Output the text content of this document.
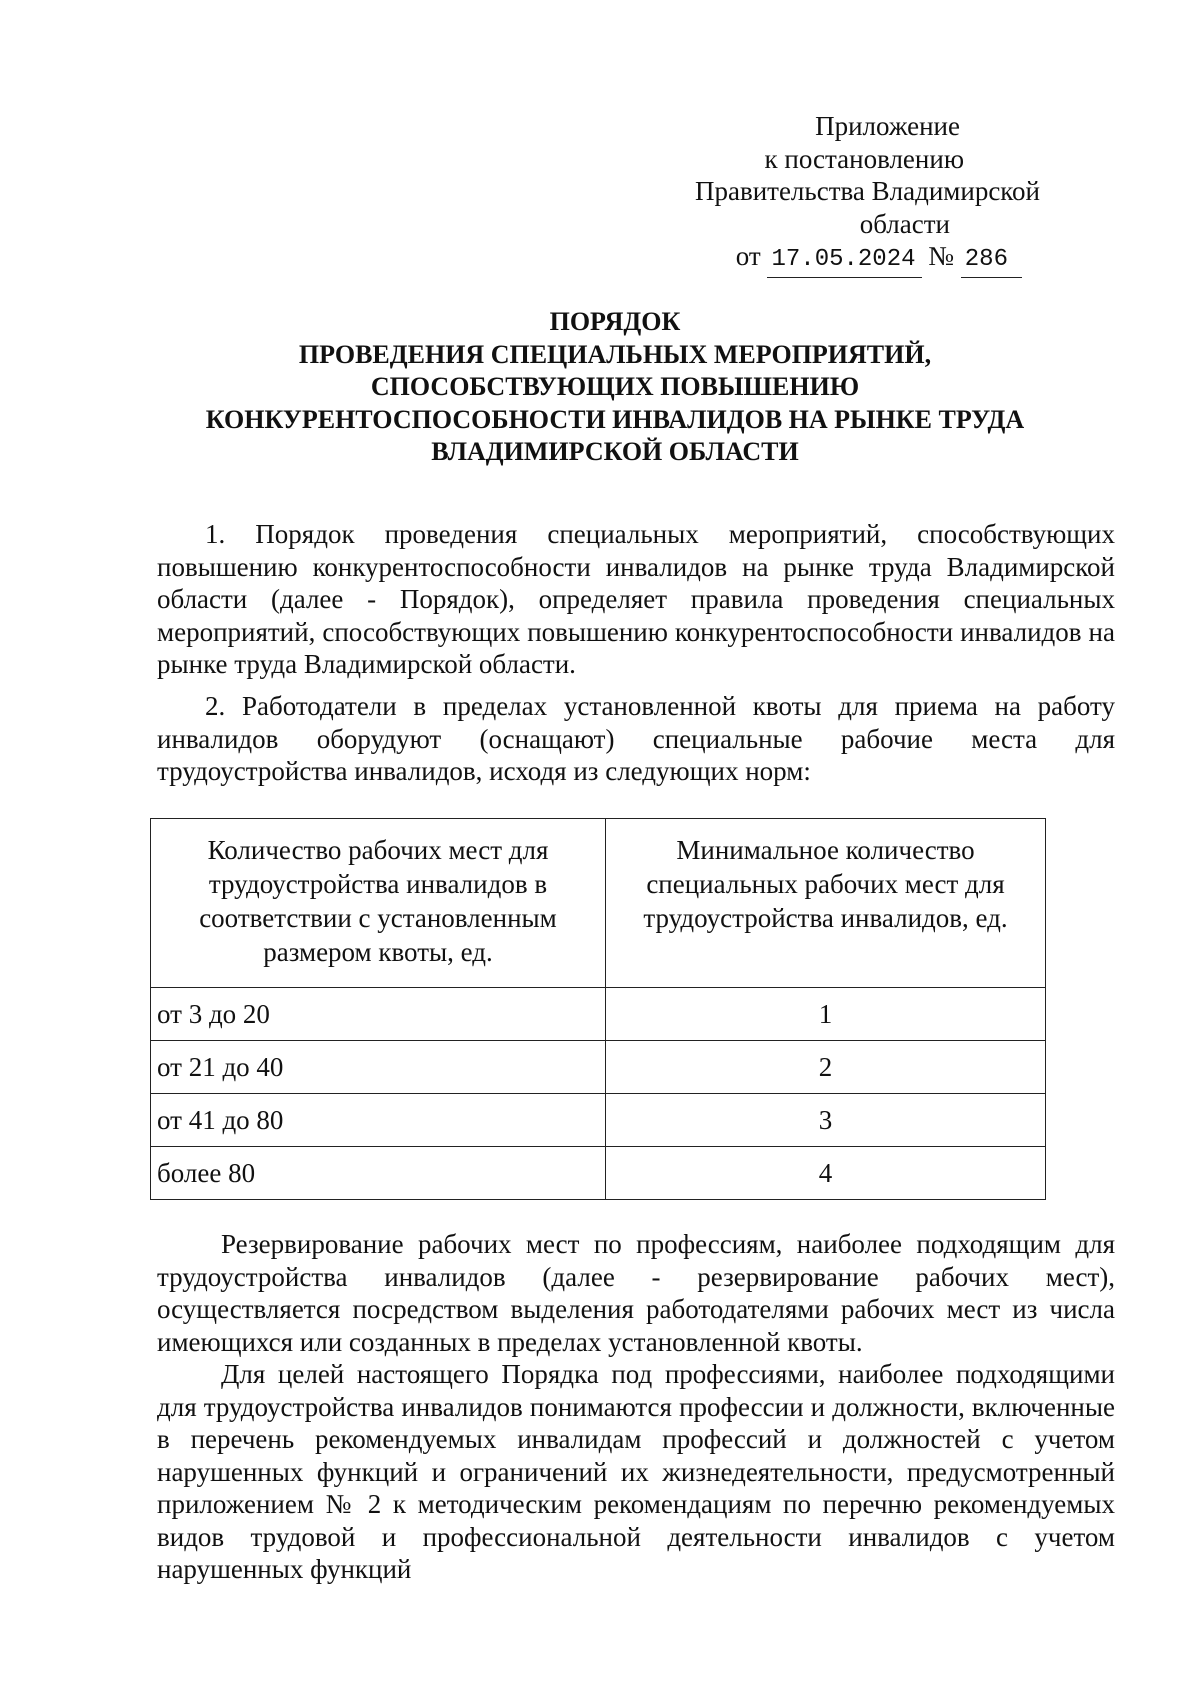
Приложение
к постановлению
Правительства Владимирской
области
от 17.05.2024 № 286
ПОРЯДОК
ПРОВЕДЕНИЯ СПЕЦИАЛЬНЫХ МЕРОПРИЯТИЙ,
СПОСОБСТВУЮЩИХ ПОВЫШЕНИЮ
КОНКУРЕНТОСПОСОБНОСТИ ИНВАЛИДОВ НА РЫНКЕ ТРУДА
ВЛАДИМИРСКОЙ ОБЛАСТИ
1. Порядок проведения специальных мероприятий, способствующих повышению конкурентоспособности инвалидов на рынке труда Владимирской области (далее - Порядок), определяет правила проведения специальных мероприятий, способствующих повышению конкурентоспособности инвалидов на рынке труда Владимирской области.
2. Работодатели в пределах установленной квоты для приема на работу инвалидов оборудуют (оснащают) специальные рабочие места для трудоустройства инвалидов, исходя из следующих норм:
Количество рабочих мест для трудоустройства инвалидов в соответствии с установленным размером квоты, ед.	Минимальное количество специальных рабочих мест для трудоустройства инвалидов, ед.
от 3 до 20	1
от 21 до 40	2
от 41 до 80	3
более 80	4
Резервирование рабочих мест по профессиям, наиболее подходящим для трудоустройства инвалидов (далее - резервирование рабочих мест), осуществляется посредством выделения работодателями рабочих мест из числа имеющихся или созданных в пределах установленной квоты.
Для целей настоящего Порядка под профессиями, наиболее подходящими для трудоустройства инвалидов понимаются профессии и должности, включенные в перечень рекомендуемых инвалидам профессий и должностей с учетом нарушенных функций и ограничений их жизнедеятельности, предусмотренный приложением № 2 к методическим рекомендациям по перечню рекомендуемых видов трудовой и профессиональной деятельности инвалидов с учетом нарушенных функций
